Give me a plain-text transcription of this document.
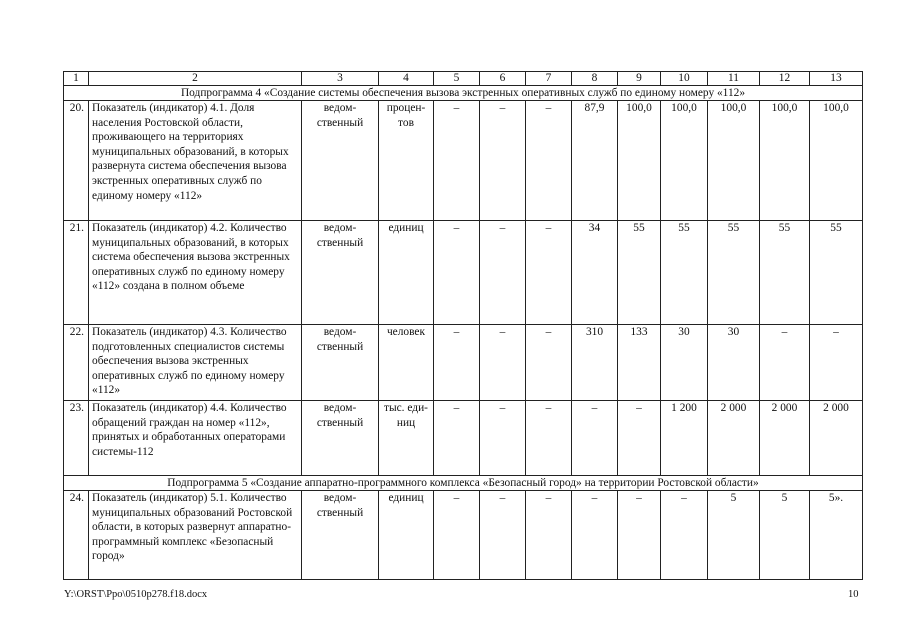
1	2	3	4	5	6	7	8	9	10	11	12	13
Подпрограмма 4 «Создание системы обеспечения вызова экстренных оперативных служб по единому номеру «112»												
20.	Показатель (индикатор) 4.1. Доля населения Ростовской области, проживающего на территориях муниципальных образований, в которых развернута система обеспечения вызова экстренных оперативных служб по единому номеру «112»	ведом-ственный	процен-тов	–	–	–	87,9	100,0	100,0	100,0	100,0	100,0
21.	Показатель (индикатор) 4.2. Количество муниципальных образований, в которых система обеспечения вызова экстренных оперативных служб по единому номеру «112» создана в полном объеме	ведом-ственный	единиц	–	–	–	34	55	55	55	55	55
22.	Показатель (индикатор) 4.3. Количество подготовленных специалистов системы обеспечения вызова экстренных оперативных служб по единому номеру «112»	ведом-ственный	человек	–	–	–	310	133	30	30	–	–
23.	Показатель (индикатор) 4.4. Количество обращений граждан на номер «112», принятых и обработанных операторами системы-112	ведом-ственный	тыс. еди-ниц	–	–	–	–	–	1 200	2 000	2 000	2 000
Подпрограмма 5 «Создание аппаратно-программного комплекса «Безопасный город» на территории Ростовской области»												
24.	Показатель (индикатор) 5.1. Количество муниципальных образований Ростовской области, в которых развернут аппаратно-программный комплекс «Безопасный город»	ведом-ственный	единиц	–	–	–	–	–	–	5	5	5».
Y:\ORST\Ppo\0510p278.f18.docx	10
